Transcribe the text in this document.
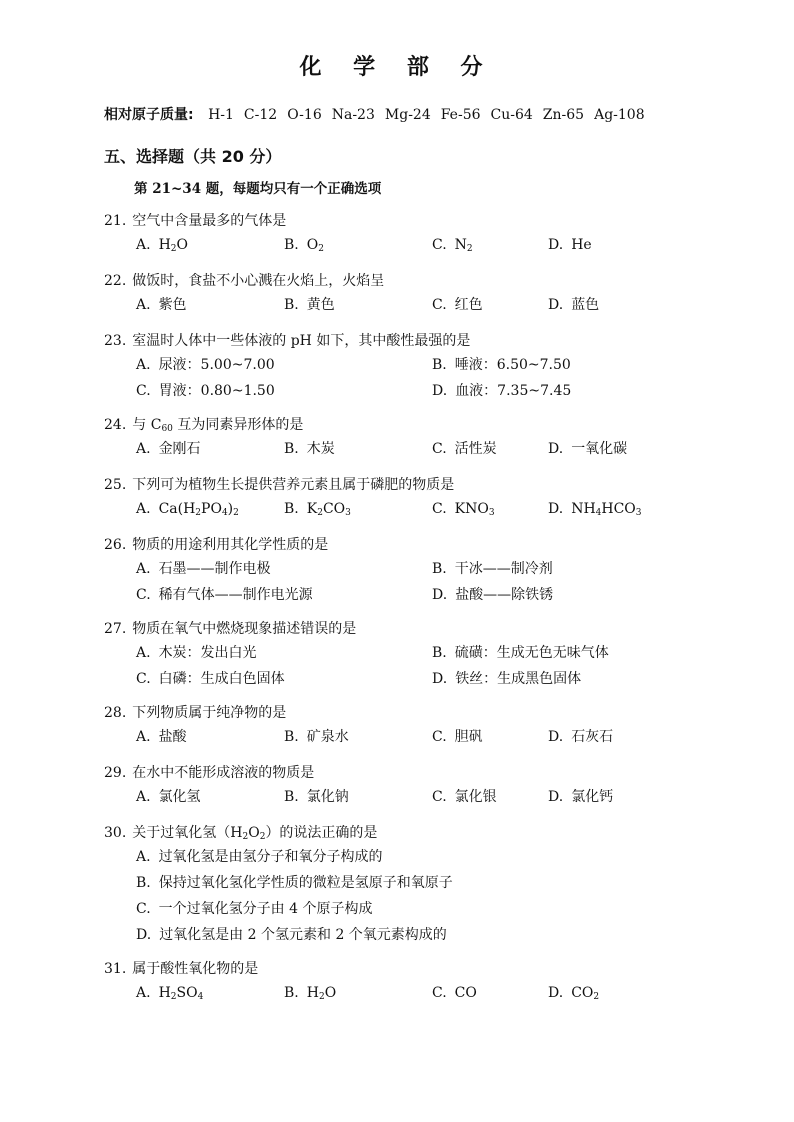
化 学 部 分
相对原子质量: H-1 C-12 O-16 Na-23 Mg-24 Fe-56 Cu-64 Zn-65 Ag-108
五、选择题（共 20 分）
第 21~34 题，每题均只有一个正确选项
21. 空气中含量最多的气体是
A. $H_2O$	B. $O_2$	C. $N_2$	D. He
22. 做饭时，食盐不小心溅在火焰上，火焰呈
A. 紫色	B. 黄色	C. 红色	D. 蓝色
23. 室温时人体中一些体液的 pH 如下，其中酸性最强的是
A. 尿液：5.00~7.00	B. 唾液：6.50~7.50
C. 胃液：0.80~1.50	D. 血液：7.35~7.45
24. 与 $C_{60}$ 互为同素异形体的是
A. 金刚石	B. 木炭	C. 活性炭	D. 一氧化碳
25. 下列可为植物生长提供营养元素且属于磷肥的物质是
A. $Ca(H_2PO_4)_2$	B. $K_2CO_3$	C. $KNO_3$	D. $NH_4HCO_3$
26. 物质的用途利用其化学性质的是
A. 石墨——制作电极	B. 干冰——制冷剂
C. 稀有气体——制作电光源	D. 盐酸——除铁锈
27. 物质在氧气中燃烧现象描述错误的是
A. 木炭：发出白光	B. 硫磺：生成无色无味气体
C. 白磷：生成白色固体	D. 铁丝：生成黑色固体
28. 下列物质属于纯净物的是
A. 盐酸	B. 矿泉水	C. 胆矾	D. 石灰石
29. 在水中不能形成溶液的物质是
A. 氯化氢	B. 氯化钠	C. 氯化银	D. 氯化钙
30. 关于过氧化氢$(H_2O_2)$的说法正确的是
A. 过氧化氢是由氢分子和氧分子构成的
B. 保持过氧化氢化学性质的微粒是氢原子和氧原子
C. 一个过氧化氢分子由 4 个原子构成
D. 过氧化氢是由 2 个氢元素和 2 个氧元素构成的
31. 属于酸性氧化物的是
A. $H_2SO_4$	B. $H_2O$	C. CO	D. $CO_2$
